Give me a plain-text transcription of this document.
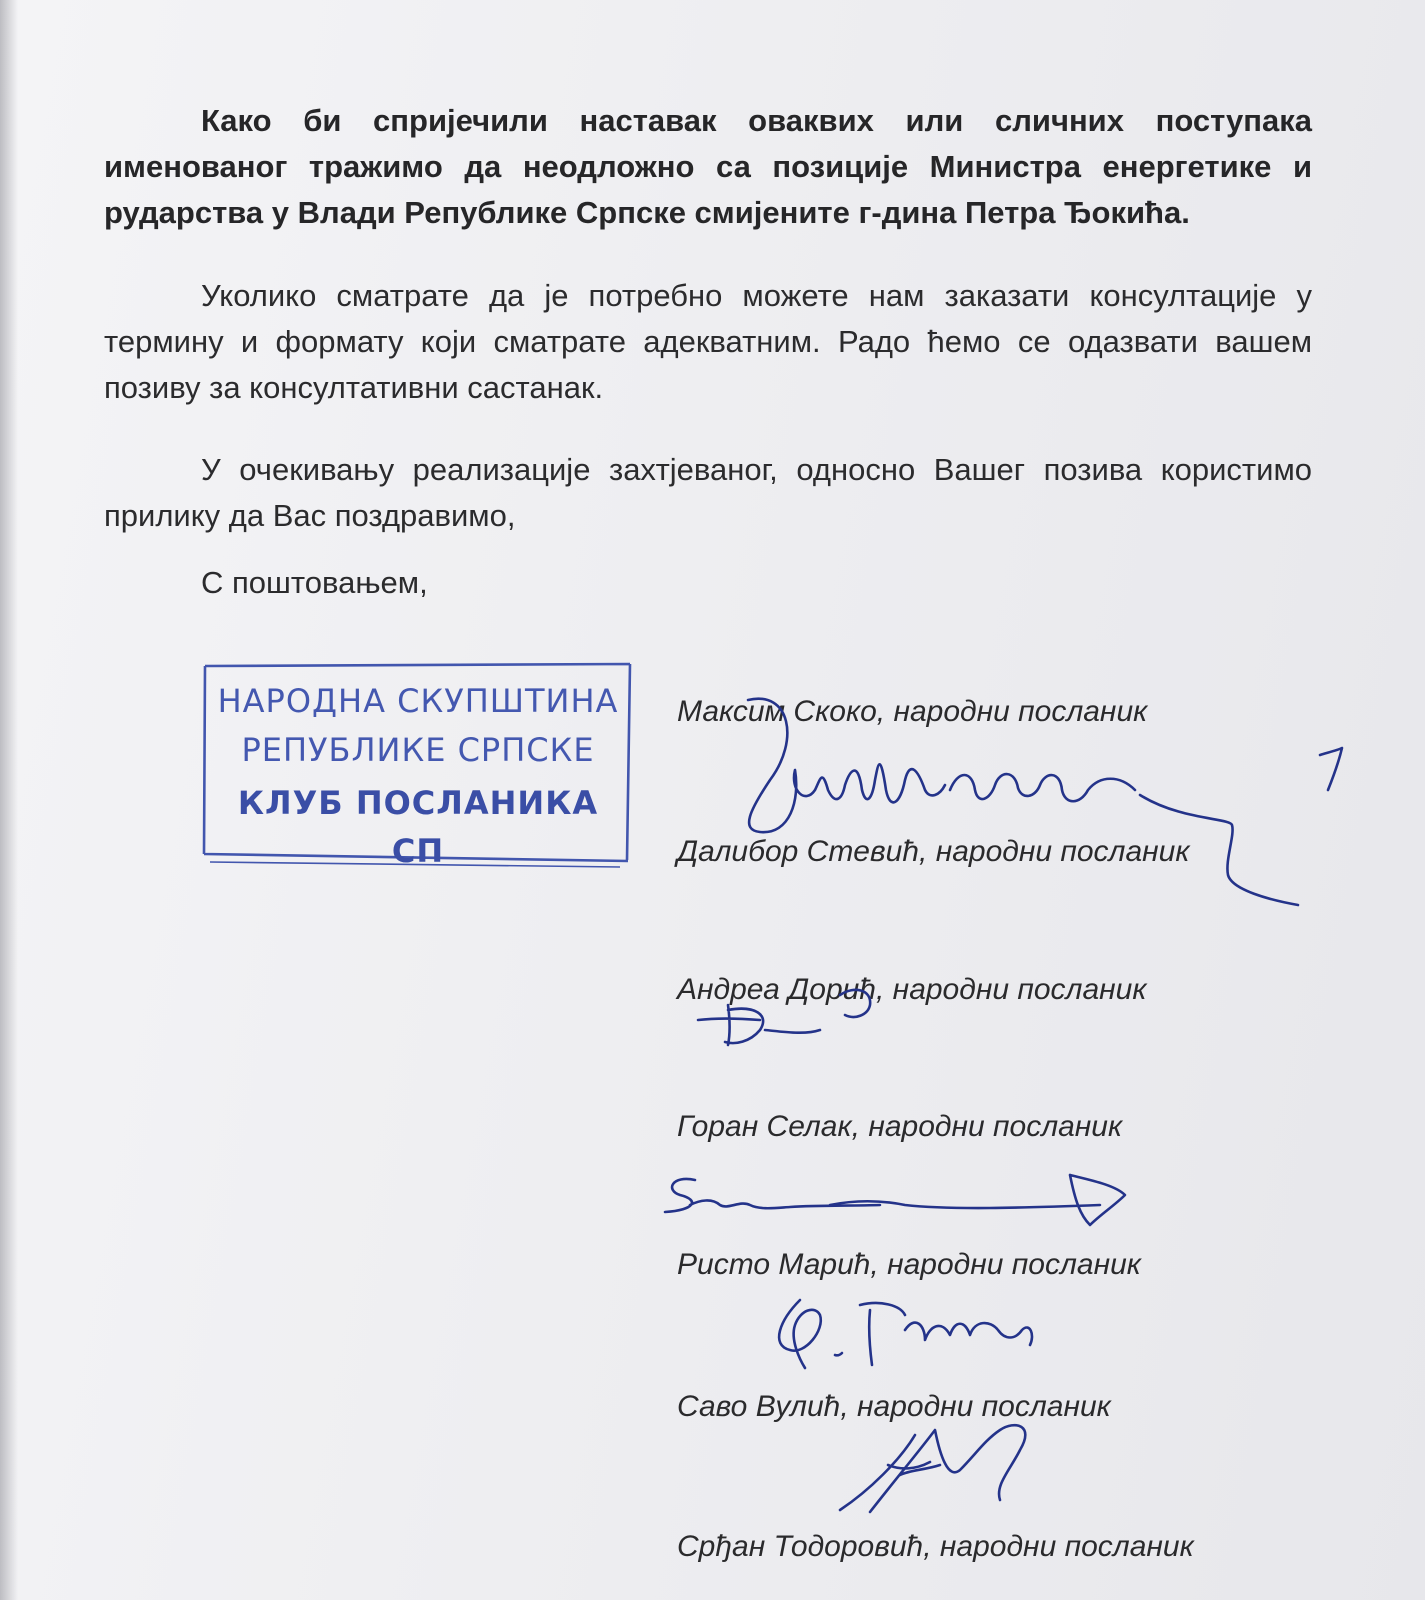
Како би спријечили наставак оваквих или сличних поступака именованог тражимо да неодложно са позиције Министра енергетике и рударства у Влади Републике Српске смијените г-дина Петра Ђокића.

Уколико сматрате да је потребно можете нам заказати консултације у термину и формату који сматрате адекватним. Радо ћемо се одазвати вашем позиву за консултативни састанак.

У очекивању реализације захтјеваног, односно Вашег позива користимо прилику да Вас поздравимо,

С поштовањем,

НАРОДНА СКУПШТИНА
РЕПУБЛИКЕ СРПСКЕ
КЛУБ ПОСЛАНИКА
СП
Максим Скоко, народни посланик
Далибор Стевић, народни посланик
Андреа Дорић, народни посланик
Горан Селак, народни посланик
Ристо Марић, народни посланик
Саво Вулић, народни посланик
Срђан Тодоровић, народни посланик
